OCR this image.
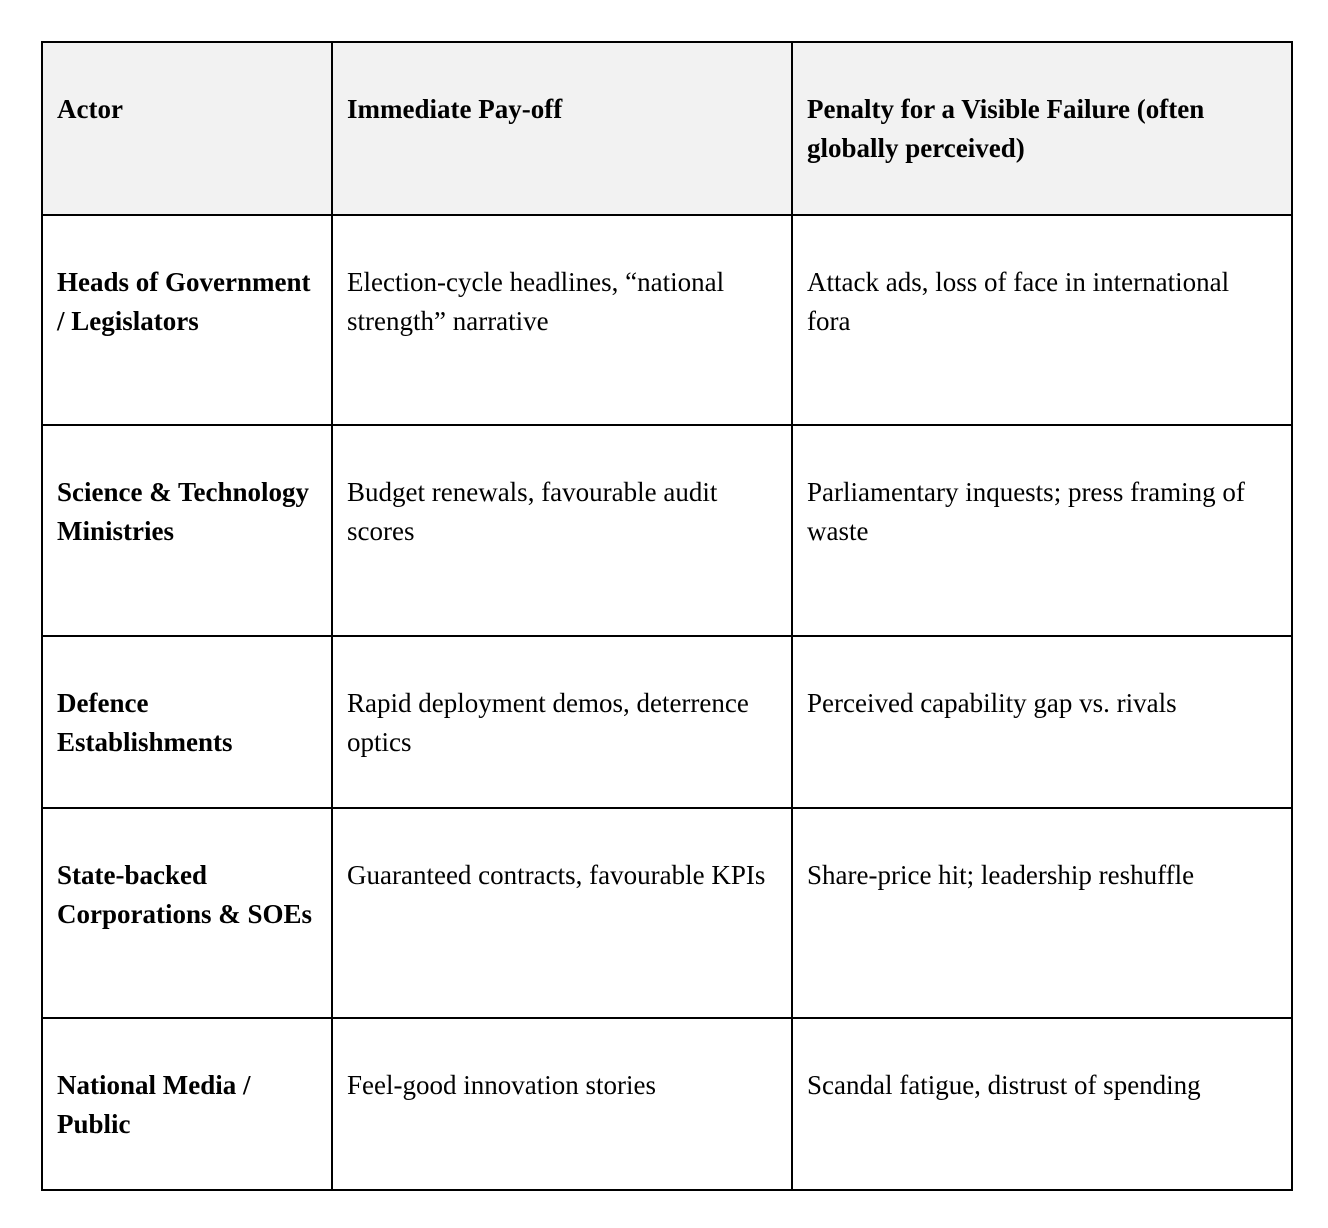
Actor	Immediate Pay-off	Penalty for a Visible Failure (often globally perceived)
Heads of Government / Legislators	Election-cycle headlines, “national strength” narrative	Attack ads, loss of face in international fora
Science & Technology Ministries	Budget renewals, favourable audit scores	Parliamentary inquests; press framing of waste
Defence Establishments	Rapid deployment demos, deterrence optics	Perceived capability gap vs. rivals
State-backed Corporations & SOEs	Guaranteed contracts, favourable KPIs	Share-price hit; leadership reshuffle
National Media / Public	Feel-good innovation stories	Scandal fatigue, distrust of spending
